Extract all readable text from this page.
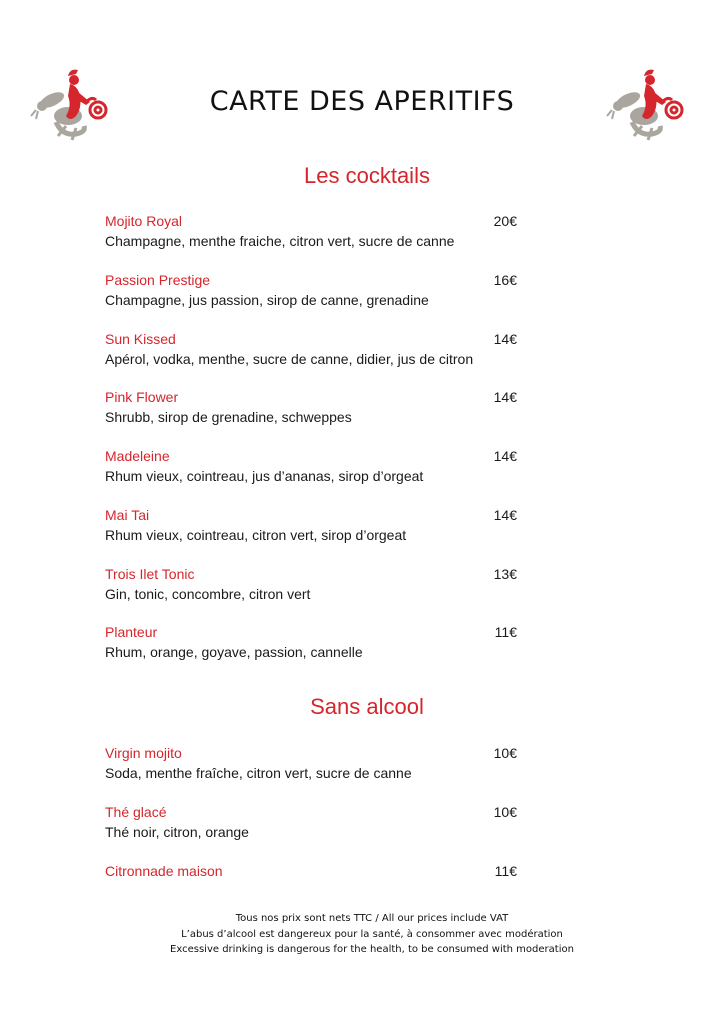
CARTE DES APERITIFS
Les cocktails
Mojito Royal	20€
Champagne, menthe fraiche, citron vert, sucre de canne
Passion Prestige	16€
Champagne, jus passion, sirop de canne, grenadine
Sun Kissed	14€
Apérol, vodka, menthe, sucre de canne, didier, jus de citron
Pink Flower	14€
Shrubb, sirop de grenadine, schweppes
Madeleine	14€
Rhum vieux, cointreau, jus d’ananas, sirop d’orgeat
Mai Tai	14€
Rhum vieux, cointreau, citron vert, sirop d’orgeat
Trois Ilet Tonic	13€
Gin, tonic, concombre, citron vert
Planteur	11€
Rhum, orange, goyave, passion, cannelle
Sans alcool
Virgin mojito	10€
Soda, menthe fraîche, citron vert, sucre de canne
Thé glacé	10€
Thé noir, citron, orange
Citronnade maison	11€
Tous nos prix sont nets TTC / All our prices include VAT
L’abus d’alcool est dangereux pour la santé, à consommer avec modération
Excessive drinking is dangerous for the health, to be consumed with moderation
